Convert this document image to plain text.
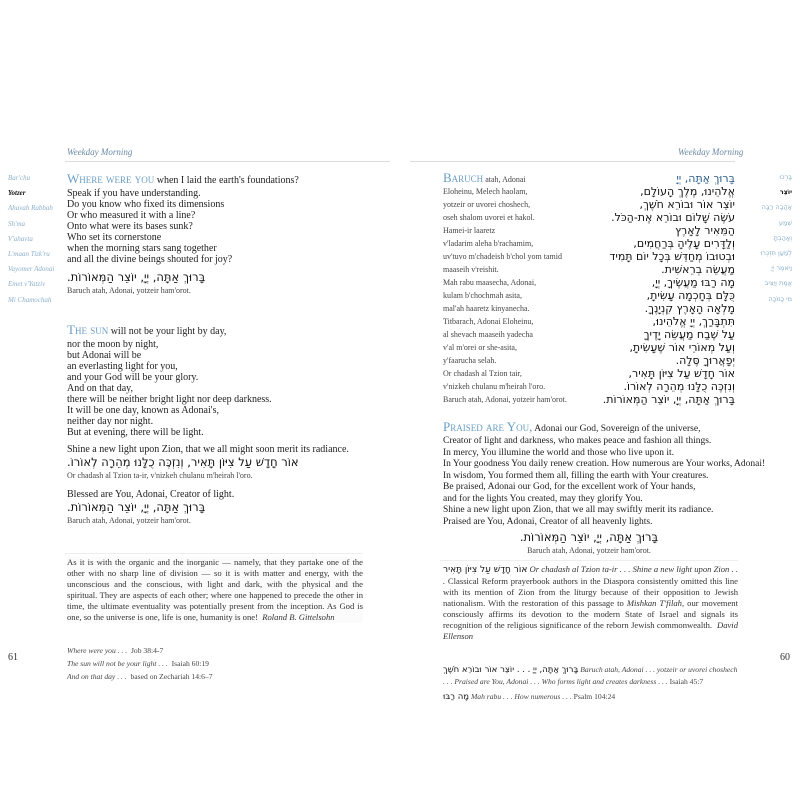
Weekday Morning
Bar'chu
Yotzer
Ahavah Rabbah
Sh'ma
V'ahavta
L'maan Tizk'ru
Vayomer Adonai
Emet v'Yatziv
Mi Chamochah
Where were you when I laid the earth's foundations?
Speak if you have understanding.
Do you know who fixed its dimensions
Or who measured it with a line?
Onto what were its bases sunk?
Who set its cornerstone
when the morning stars sang together
and all the divine beings shouted for joy?
בָּרוּךְ אַתָּה, יְיָ, יוֹצֵר הַמְּאוֹרוֹת.
Baruch atah, Adonai, yotzeir ham'orot.
The sun will not be your light by day,
nor the moon by night,
but Adonai will be
an everlasting light for you,
and your God will be your glory.
And on that day,
there will be neither bright light nor deep darkness.
It will be one day, known as Adonai's,
neither day nor night.
But at evening, there will be light.
Shine a new light upon Zion, that we all might soon merit its radiance.
אוֹר חָדָשׁ עַל צִיּוֹן תָּאִיר, וְנִזְכֶּה כֻלָּנוּ מְהֵרָה לְאוֹרוֹ.
Or chadash al Tzion ta-ir, v'nizkeh chulanu m'heirah l'oro.
Blessed are You, Adonai, Creator of light.
בָּרוּךְ אַתָּה, יְיָ, יוֹצֵר הַמְּאוֹרוֹת.
Baruch atah, Adonai, yotzeir ham'orot.
As it is with the organic and the inorganic — namely, that they partake one of the other with no sharp line of division — so it is with matter and energy, with the unconscious and the conscious, with light and dark, with the physical and the spiritual. They are aspects of each other; where one happened to precede the other in time, the ultimate eventuality was potentially present from the inception. As God is one, so the universe is one, life is one, humanity is one! Roland B. Gittelsohn
Where were you . . . Job 38:4-7
The sun will not be your light . . . Isaiah 60:19
And on that day . . . based on Zechariah 14:6–7
61
Weekday Morning
בָּרְכוּ
יוֹצֵר
אַהֲבָה רַבָּה
שְׁמַע
וְאָהַבְתָּ
לְמַעַן תִּזְכְּרוּ
וַיֹּאמֶר יְיָ
אֱמֶת וְיַצִּיב
מִי כָמֹכָה
Baruch atah, Adonai	בָּרוּךְ אַתָּה, יְיָ
Eloheinu, Melech haolam,	אֱלֹהֵינוּ, מֶלֶךְ הָעוֹלָם,
yotzeir or uvorei choshech,	יוֹצֵר אוֹר וּבוֹרֵא חֹשֶׁךְ,
oseh shalom uvorei et hakol.	עֹשֶׂה שָׁלוֹם וּבוֹרֵא אֶת-הַכֹּל.
Hamei-ir laaretz	הַמֵּאִיר לָאָרֶץ
v'ladarim aleha b'rachamim,	וְלַדָּרִים עָלֶיהָ בְּרַחֲמִים,
uv'tuvo m'chadeish b'chol yom tamid	וּבְטוּבוֹ מְחַדֵּשׁ בְּכָל יוֹם תָּמִיד
maaseih v'reishit.	מַעֲשֵׂה בְרֵאשִׁית.
Mah rabu maasecha, Adonai,	מָה רַבּוּ מַעֲשֶׂיךָ, יְיָ,
kulam b'chochmah asita,	כֻּלָּם בְּחָכְמָה עָשִׂיתָ,
mal'ah haaretz kinyanecha.	מָלְאָה הָאָרֶץ קִנְיָנֶךָ.
Titbarach, Adonai Eloheinu,	תִּתְבָּרַךְ, יְיָ אֱלֹהֵינוּ,
al shevach maaseih yadecha	עַל שֶׁבַח מַעֲשֵׂה יָדֶיךָ
v'al m'orei or she-asita,	וְעַל מְאוֹרֵי אוֹר שֶׁעָשִׂיתָ,
y'faarucha selah.	יְפָאֲרוּךָ סֶּלָה.
Or chadash al Tzion tair,	אוֹר חָדָשׁ עַל צִיּוֹן תָּאִיר,
v'nizkeh chulanu m'heirah l'oro.	וְנִזְכֶּה כֻלָּנוּ מְהֵרָה לְאוֹרוֹ.
Baruch atah, Adonai, yotzeir ham'orot.	בָּרוּךְ אַתָּה, יְיָ, יוֹצֵר הַמְּאוֹרוֹת.
Praised are You, Adonai our God, Sovereign of the universe,
Creator of light and darkness, who makes peace and fashion all things.
In mercy, You illumine the world and those who live upon it.
In Your goodness You daily renew creation. How numerous are Your works, Adonai!
In wisdom, You formed them all, filling the earth with Your creatures.
Be praised, Adonai our God, for the excellent work of Your hands,
and for the lights You created, may they glorify You.
Shine a new light upon Zion, that we all may swiftly merit its radiance.
Praised are You, Adonai, Creator of all heavenly lights.
בָּרוּךְ אַתָּה, יְיָ, יוֹצֵר הַמְּאוֹרוֹת.
Baruch atah, Adonai, yotzeir ham'orot.
אוֹר חָדָשׁ עַל צִיּוֹן תָּאִיר Or chadash al Tzion ta-ir . . . Shine a new light upon Zion . . . Classical Reform prayerbook authors in the Diaspora consistently omitted this line with its mention of Zion from the liturgy because of their opposition to Jewish nationalism. With the restoration of this passage to Mishkan T'filah, our movement consciously affirms its devotion to the modern State of Israel and signals its recognition of the religious significance of the reborn Jewish commonwealth. David Ellenson
בָּרוּךְ אַתָּה, יְיָ . . . יוֹצֵר אוֹר וּבוֹרֵא חֹשֶׁךְ Baruch atah, Adonai . . . yotzeir or uvorei choshech . . . Praised are You, Adonai . . . Who forms light and creates darkness . . . Isaiah 45:7
מָה רַבּוּ Mah rabu . . . How numerous . . . Psalm 104:24
60
